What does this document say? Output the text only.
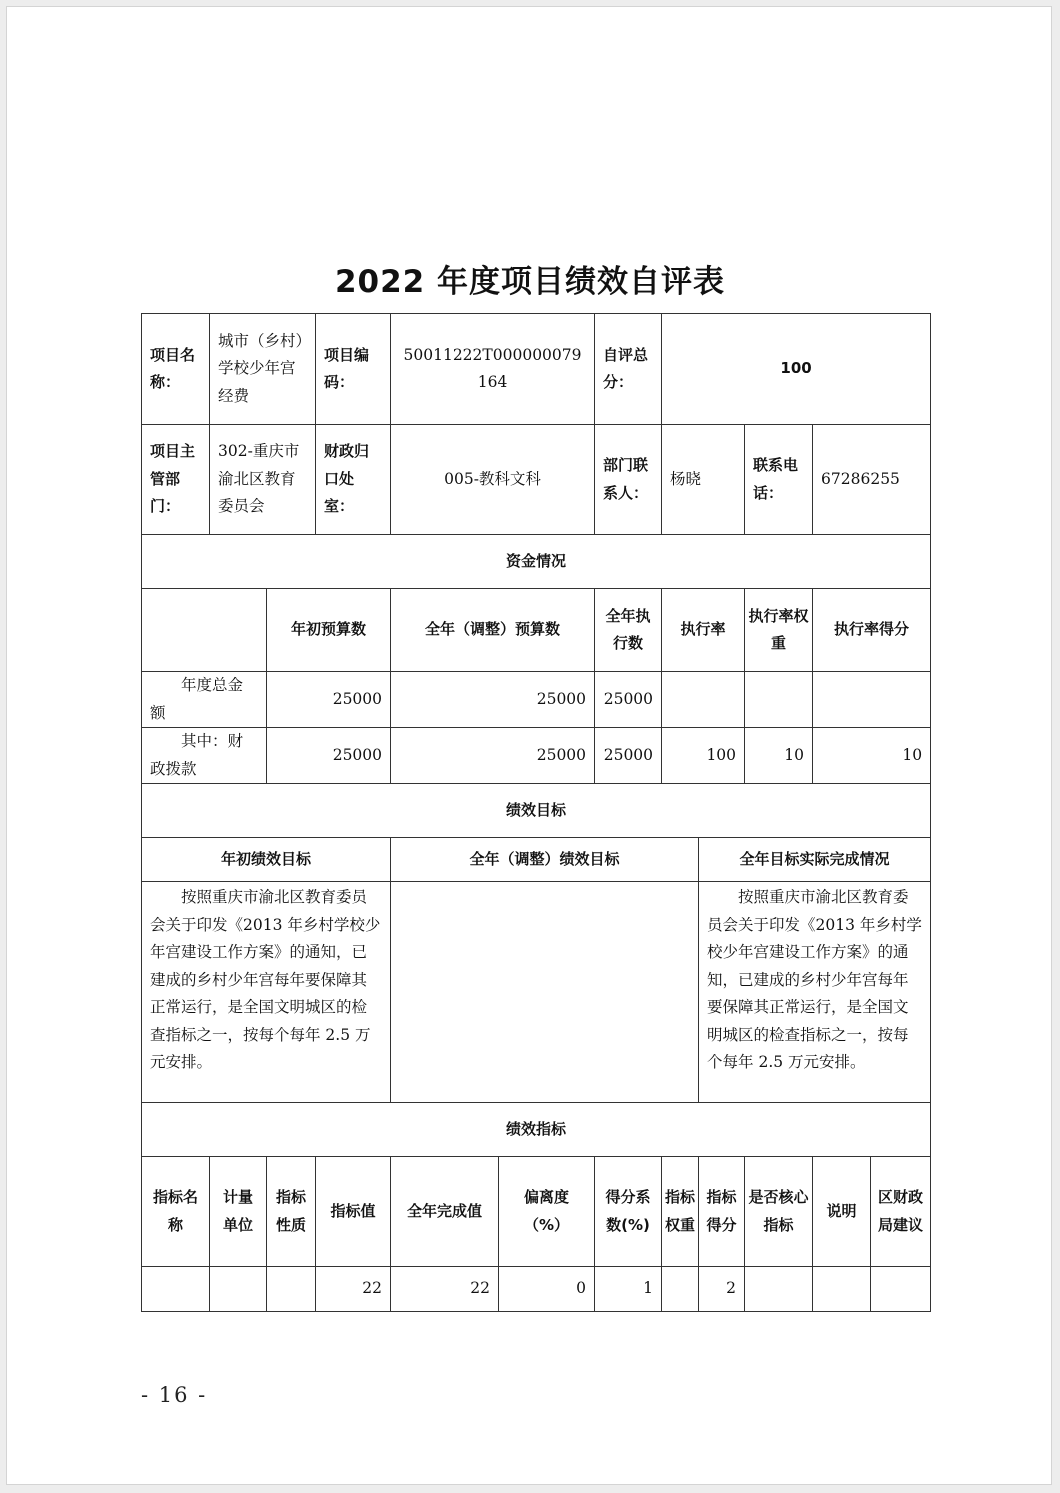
2022 年度项目绩效自评表
项目名称：	城市（乡村）学校少年宫经费		项目编码：	50011222T000000079164		自评总分：	100				
项目主管部门：	302-重庆市渝北区教育委员会		财政归口处室：	005-教科文科		部门联系人：	杨晓		联系电话：	67286255	
资金情况											
		年初预算数		全年（调整）预算数		全年执行数	执行率		执行率权重	执行率得分	
年度总金额		25000		25000		25000					
其中：财政拨款		25000		25000		25000	100		10	10	
绩效目标											
年初绩效目标				全年（调整）绩效目标				全年目标实际完成情况			
按照重庆市渝北区教育委员会关于印发《2013 年乡村学校少年宫建设工作方案》的通知，已建成的乡村少年宫每年要保障其正常运行，是全国文明城区的检查指标之一，按每个每年 2.5 万元安排。								按照重庆市渝北区教育委员会关于印发《2013 年乡村学校少年宫建设工作方案》的通知，已建成的乡村少年宫每年要保障其正常运行，是全国文明城区的检查指标之一，按每个每年 2.5 万元安排。			
绩效指标											
指标名称	计量单位	指标性质	指标值	全年完成值	偏离度（%）	得分系数(%)	指标权重	指标得分	是否核心指标	说明	区财政局建议
			22	22	0	1		2			
- 16 -
